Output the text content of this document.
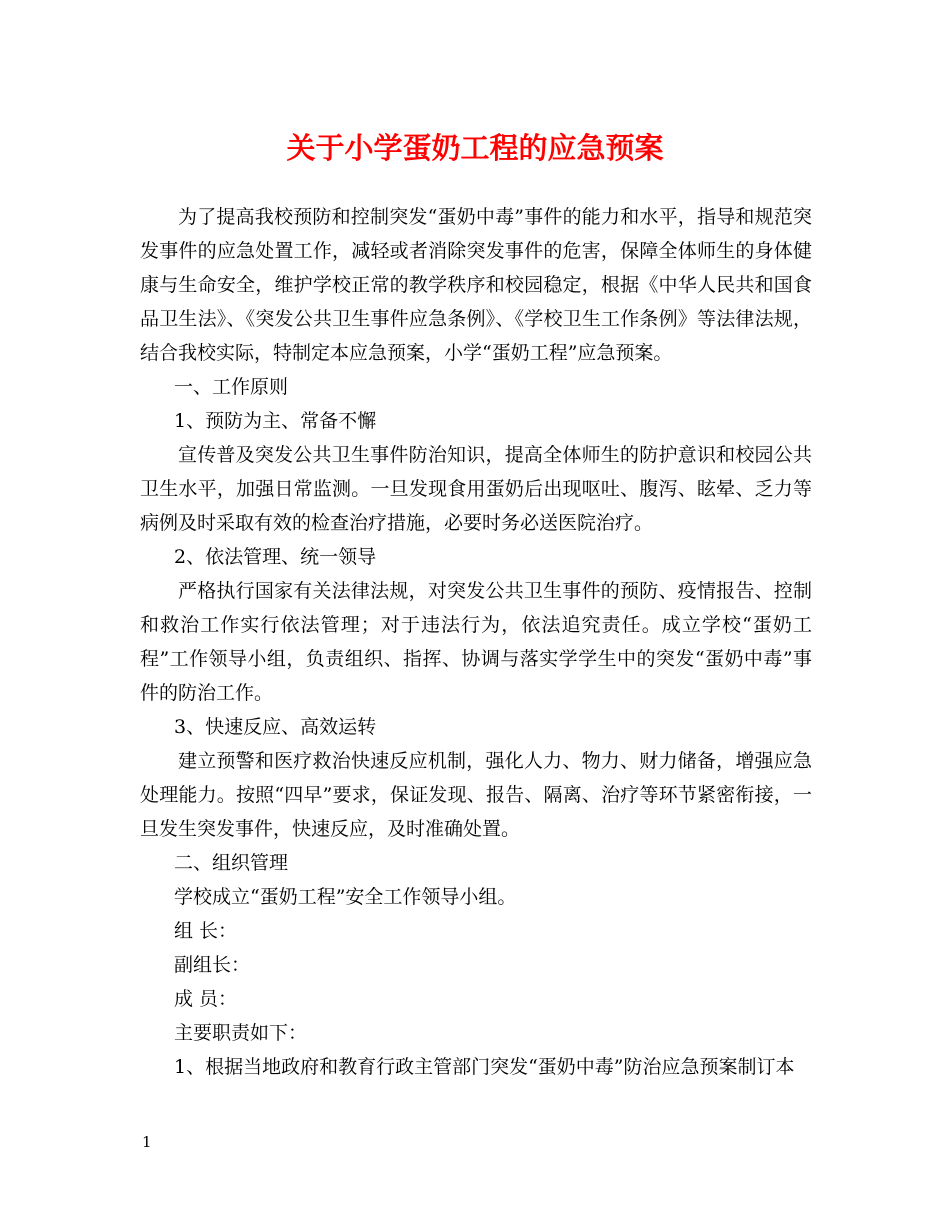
关于小学蛋奶工程的应急预案

为了提高我校预防和控制突发“蛋奶中毒”事件的能力和水平，指导和规范突发事件的应急处置工作，减轻或者消除突发事件的危害，保障全体师生的身体健康与生命安全，维护学校正常的教学秩序和校园稳定，根据《中华人民共和国食品卫生法》、《突发公共卫生事件应急条例》、《学校卫生工作条例》等法律法规，结合我校实际，特制定本应急预案，小学“蛋奶工程”应急预案。

一、工作原则

1、预防为主、常备不懈

宣传普及突发公共卫生事件防治知识，提高全体师生的防护意识和校园公共卫生水平，加强日常监测。一旦发现食用蛋奶后出现呕吐、腹泻、眩晕、乏力等病例及时采取有效的检查治疗措施，必要时务必送医院治疗。

2、依法管理、统一领导

严格执行国家有关法律法规，对突发公共卫生事件的预防、疫情报告、控制和救治工作实行依法管理；对于违法行为，依法追究责任。成立学校“蛋奶工程”工作领导小组，负责组织、指挥、协调与落实学学生中的突发“蛋奶中毒”事件的防治工作。

3、快速反应、高效运转

建立预警和医疗救治快速反应机制，强化人力、物力、财力储备，增强应急处理能力。按照“四早”要求，保证发现、报告、隔离、治疗等环节紧密衔接，一旦发生突发事件，快速反应，及时准确处置。

二、组织管理

学校成立“蛋奶工程”安全工作领导小组。

组 长：

副组长：

成 员：

主要职责如下：

1、根据当地政府和教育行政主管部门突发“蛋奶中毒”防治应急预案制订本

1
